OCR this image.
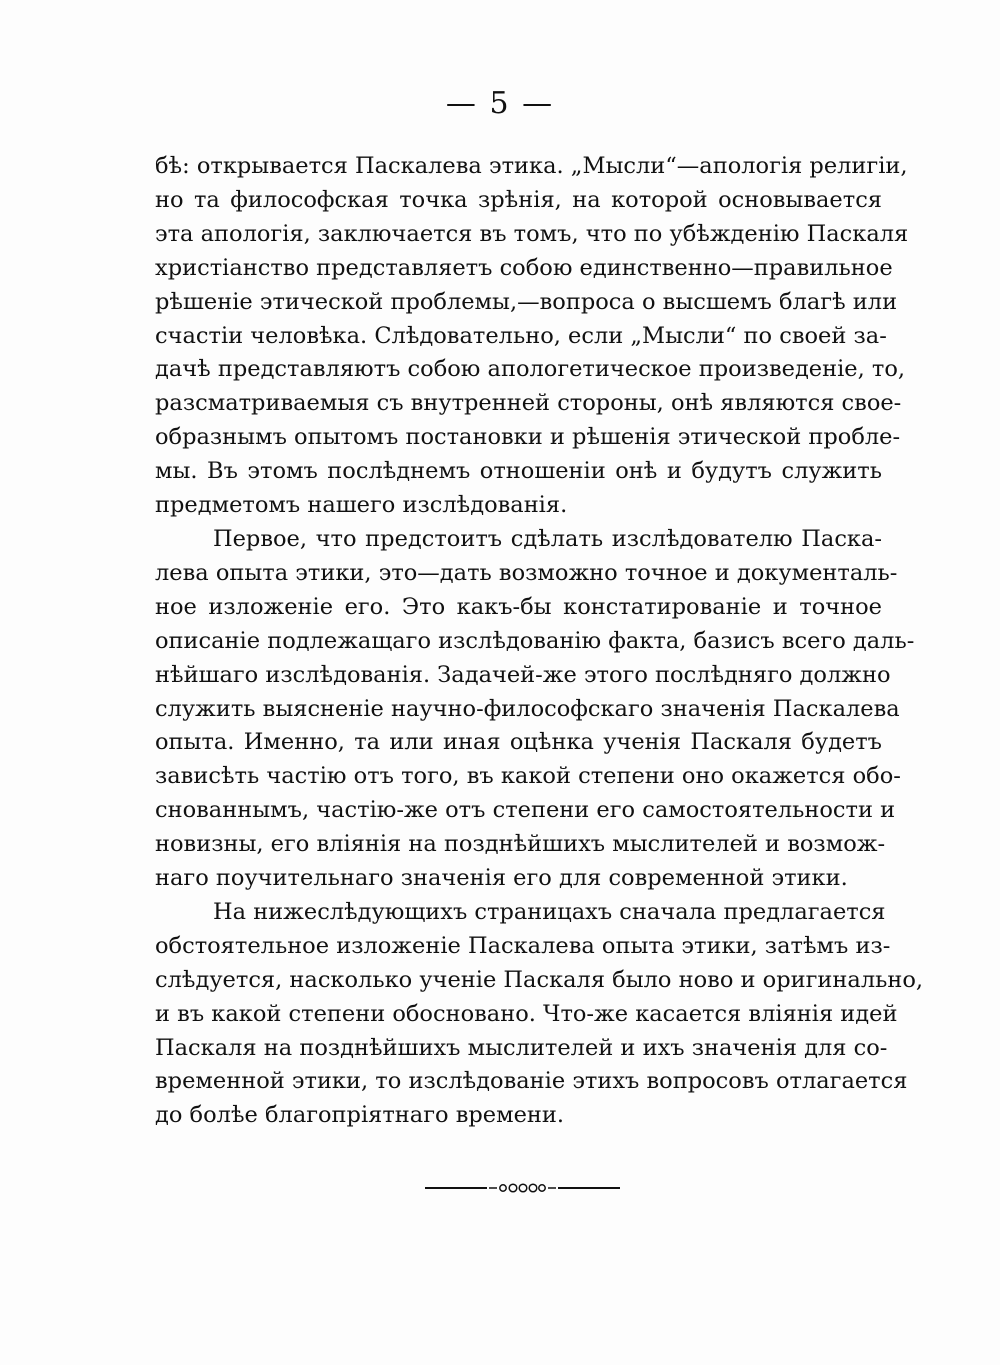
— 5 —

бѣ: открывается Паскалева этика. „Мысли“—апологія религіи,
но та философская точка зрѣнія, на которой основывается
эта апологія, заключается въ томъ, что по убѣжденію Паскаля
христіанство представляетъ собою единственно—правильное
рѣшеніе этической проблемы,—вопроса о высшемъ благѣ или
счастіи человѣка. Слѣдовательно, если „Мысли“ по своей за-
дачѣ представляютъ собою апологетическое произведеніе, то,
разсматриваемыя съ внутренней стороны, онѣ являются свое-
образнымъ опытомъ постановки и рѣшенія этической пробле-
мы. Въ этомъ послѣднемъ отношеніи онѣ и будутъ служить
предметомъ нашего изслѣдованія.

Первое, что предстоитъ сдѣлать изслѣдователю Паска-
лева опыта этики, это—дать возможно точное и документаль-
ное изложеніе его. Это какъ-бы констатированіе и точное
описаніе подлежащаго изслѣдованію факта, базисъ всего даль-
нѣйшаго изслѣдованія. Задачей-же этого послѣдняго должно
служить выясненіе научно-философскаго значенія Паскалева
опыта. Именно, та или иная оцѣнка ученія Паскаля будетъ
зависѣть частію отъ того, въ какой степени оно окажется обо-
снованнымъ, частію-же отъ степени его самостоятельности и
новизны, его вліянія на позднѣйшихъ мыслителей и возмож-
наго поучительнаго значенія его для современной этики.

На нижеслѣдующихъ страницахъ сначала предлагается
обстоятельное изложеніе Паскалева опыта этики, затѣмъ из-
слѣдуется, насколько ученіе Паскаля было ново и оригинально,
и въ какой степени обосновано. Что-же касается вліянія идей
Паскаля на позднѣйшихъ мыслителей и ихъ значенія для со-
временной этики, то изслѣдованіе этихъ вопросовъ отлагается
до болѣе благопріятнаго времени.
